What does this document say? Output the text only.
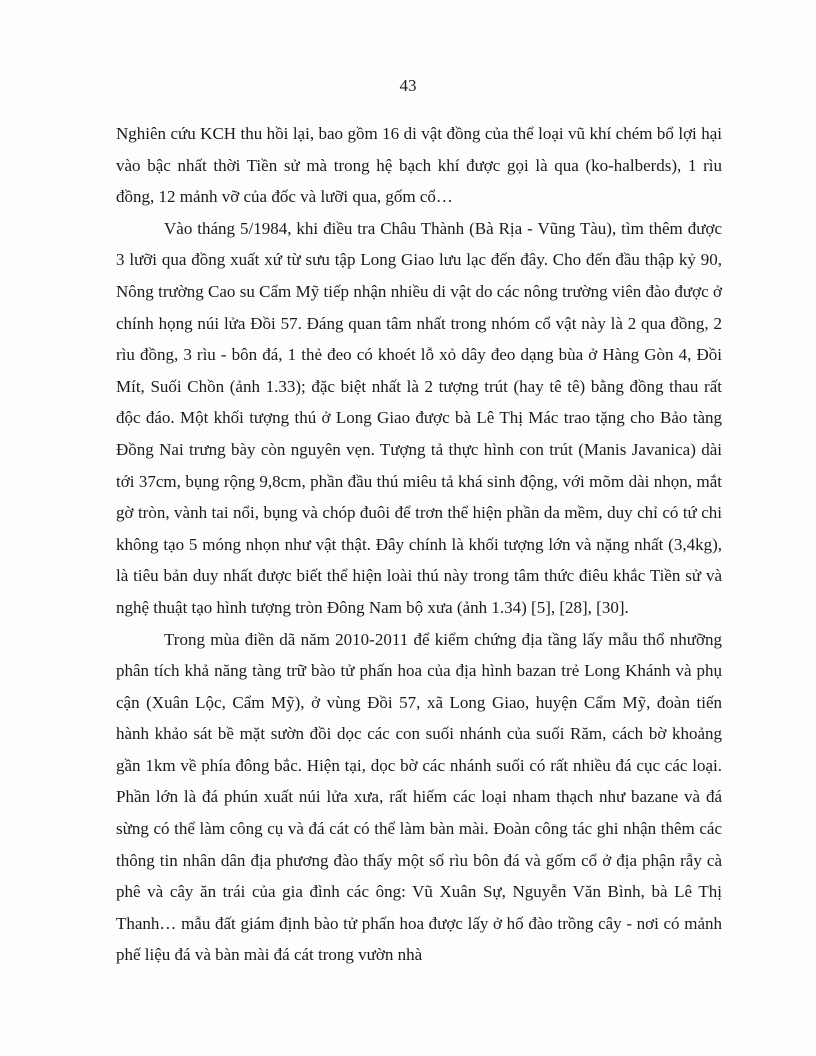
43

Nghiên cứu KCH thu hồi lại, bao gồm 16 di vật đồng của thể loại vũ khí chém bổ lợi hại vào bậc nhất thời Tiền sử mà trong hệ bạch khí được gọi là qua (ko-halberds), 1 rìu đồng, 12 mảnh vỡ của đốc và lưỡi qua, gốm cổ…

Vào tháng 5/1984, khi điều tra Châu Thành (Bà Rịa - Vũng Tàu), tìm thêm được 3 lưỡi qua đồng xuất xứ từ sưu tập Long Giao lưu lạc đến đây. Cho đến đầu thập kỷ 90, Nông trường Cao su Cẩm Mỹ tiếp nhận nhiều di vật do các nông trường viên đào được ở chính họng núi lửa Đồi 57. Đáng quan tâm nhất trong nhóm cổ vật này là 2 qua đồng, 2 rìu đồng, 3 rìu - bôn đá, 1 thẻ đeo có khoét lỗ xỏ dây đeo dạng bùa ở Hàng Gòn 4, Đồi Mít, Suối Chồn (ảnh 1.33); đặc biệt nhất là 2 tượng trút (hay tê tê) bằng đồng thau rất độc đáo. Một khối tượng thú ở Long Giao được bà Lê Thị Mác trao tặng cho Bảo tàng Đồng Nai trưng bày còn nguyên vẹn. Tượng tả thực hình con trút (Manis Javanica) dài tới 37cm, bụng rộng 9,8cm, phần đầu thú miêu tả khá sinh động, với mõm dài nhọn, mắt gờ tròn, vành tai nổi, bụng và chóp đuôi để trơn thể hiện phần da mềm, duy chỉ có tứ chi không tạo 5 móng nhọn như vật thật. Đây chính là khối tượng lớn và nặng nhất (3,4kg), là tiêu bản duy nhất được biết thể hiện loài thú này trong tâm thức điêu khắc Tiền sử và nghệ thuật tạo hình tượng tròn Đông Nam bộ xưa (ảnh 1.34) [5], [28], [30].

Trong mùa điền dã năm 2010-2011 để kiểm chứng địa tầng lấy mẫu thổ nhưỡng phân tích khả năng tàng trữ bào tử phấn hoa của địa hình bazan trẻ Long Khánh và phụ cận (Xuân Lộc, Cẩm Mỹ), ở vùng Đồi 57, xã Long Giao, huyện Cẩm Mỹ, đoàn tiến hành khảo sát bề mặt sườn đồi dọc các con suối nhánh của suối Răm, cách bờ khoảng gần 1km về phía đông bắc. Hiện tại, dọc bờ các nhánh suối có rất nhiều đá cục các loại. Phần lớn là đá phún xuất núi lửa xưa, rất hiếm các loại nham thạch như bazane và đá sừng có thể làm công cụ và đá cát có thể làm bàn mài. Đoàn công tác ghi nhận thêm các thông tin nhân dân địa phương đào thấy một số rìu bôn đá và gốm cổ ở địa phận rẫy cà phê và cây ăn trái của gia đình các ông: Vũ Xuân Sự, Nguyễn Văn Bình, bà Lê Thị Thanh… mẫu đất giám định bào tử phấn hoa được lấy ở hố đào trồng cây - nơi có mảnh phế liệu đá và bàn mài đá cát trong vườn nhà
